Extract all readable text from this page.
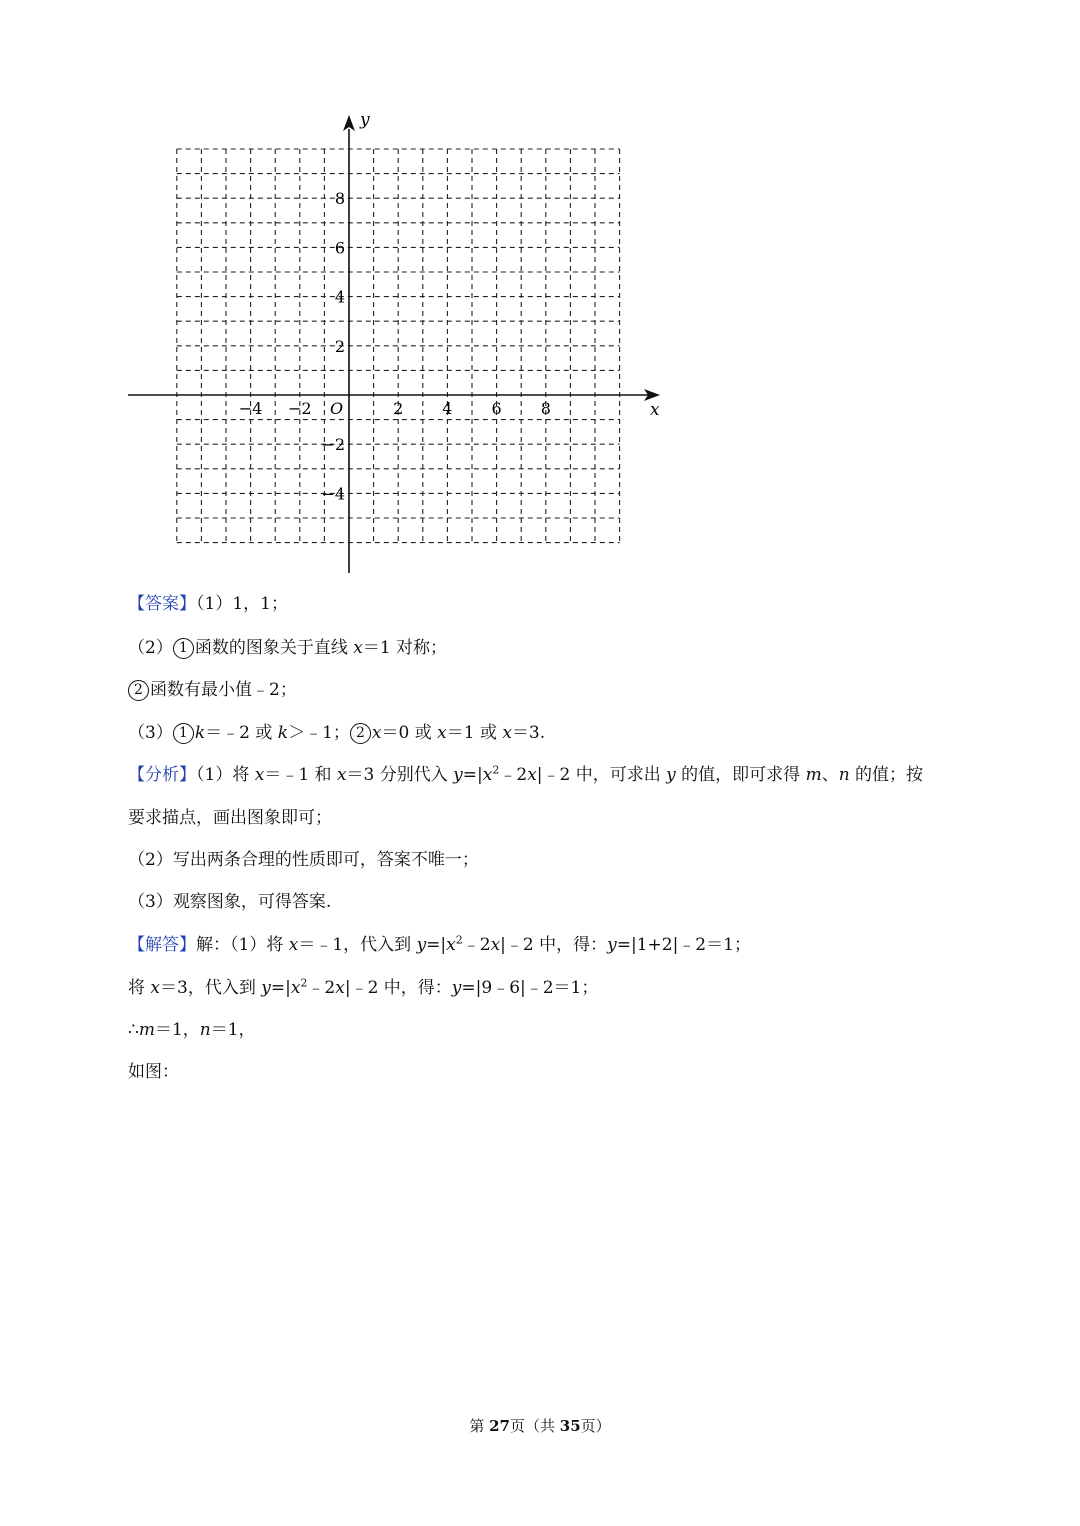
x
y
O
−4 −2	2 4 6 8
8
6
4
2
−2
−4
【答案】（1）1，1；
（2） 1 函数的图象关于直线 x＝1 对称；
2 函数有最小值﹣2；
（3） 1 k＝﹣2 或 k＞﹣1； 2 x＝0 或 x＝1 或 x＝3.
【分析】（1）将 x＝﹣1 和 x＝3 分别代入 $y=|x^2﹣2x|﹣2$ 中，可求出 y 的值，即可求得 m、n 的值；按
要求描点，画出图象即可；
（2）写出两条合理的性质即可，答案不唯一；
（3）观察图象，可得答案.
【解答】解：（1）将 x＝﹣1，代入到 $y=|x^2﹣2x|﹣2$ 中，得：y=|1+2|﹣2＝1；
将 x＝3，代入到 $y=|x^2﹣2x|﹣2$ 中，得：y=|9﹣6|﹣2＝1；
∴m＝1，n＝1，
如图：
第 27页（共 35页）
